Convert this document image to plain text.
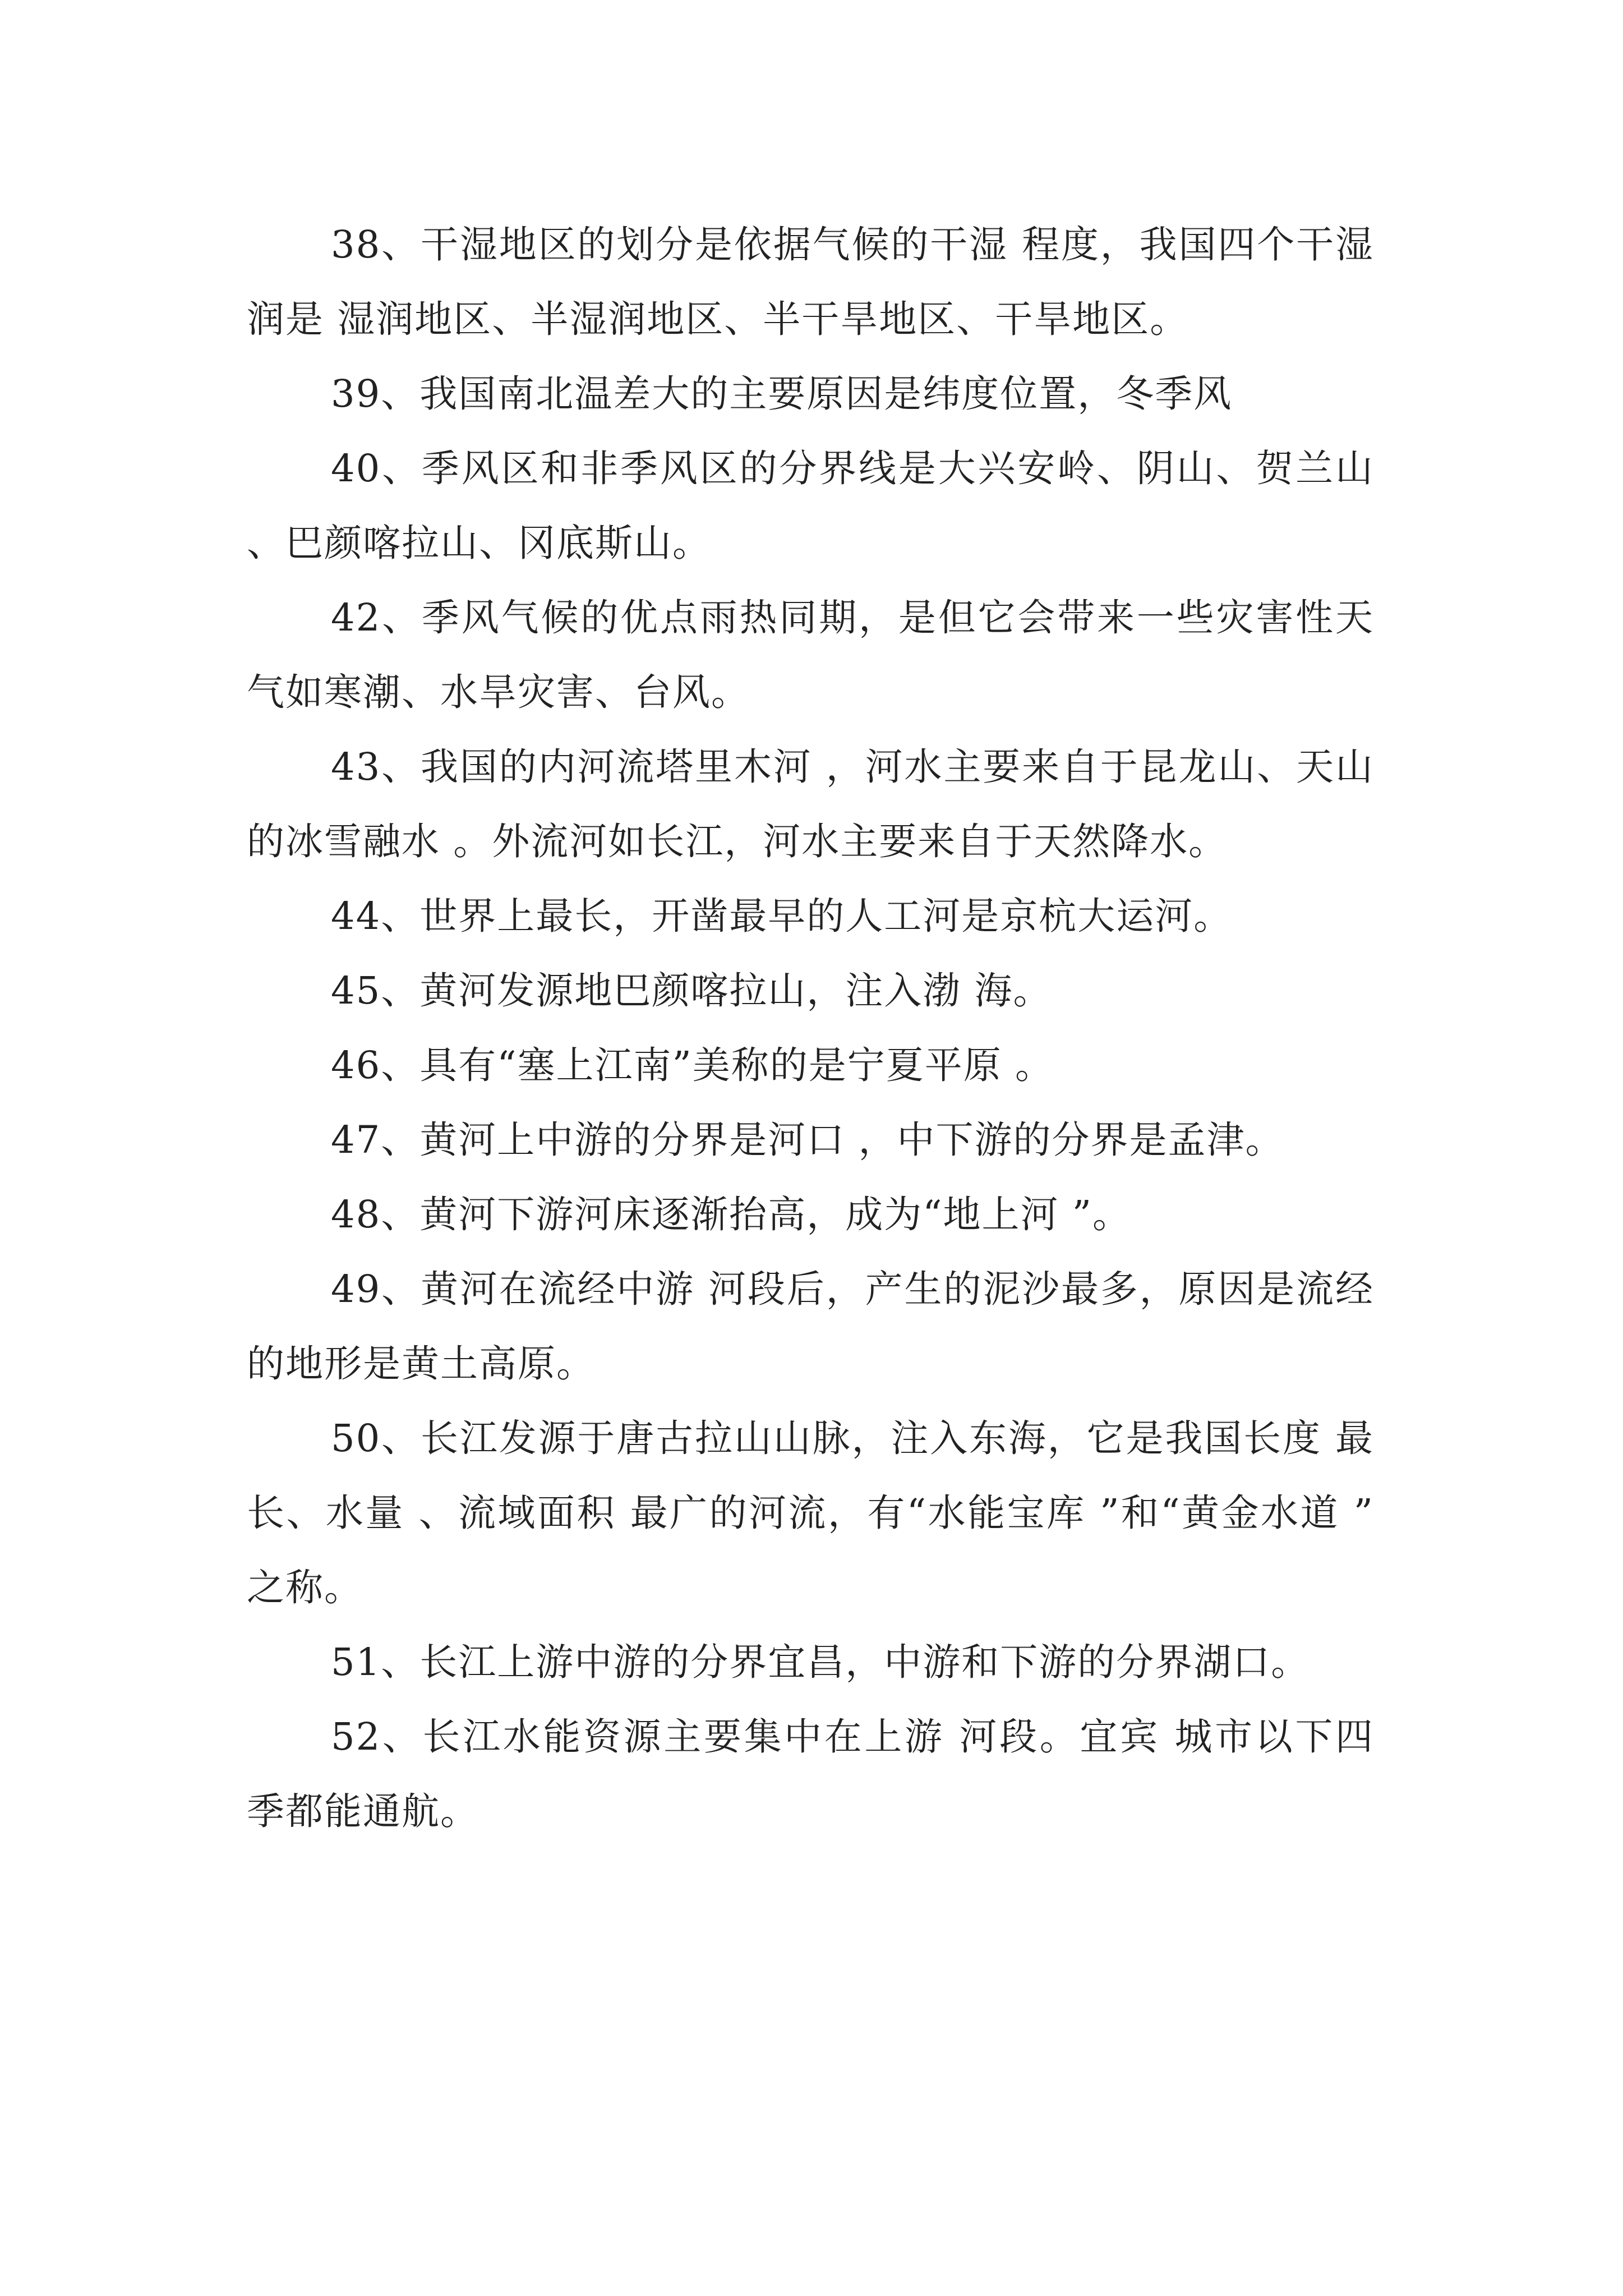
38、干湿地区的划分是依据气候的干湿 程度，我国四个干湿润是 湿润地区、半湿润地区、半干旱地区、干旱地区。

39、我国南北温差大的主要原因是纬度位置，冬季风

40、季风区和非季风区的分界线是大兴安岭、阴山、贺兰山、巴颜喀拉山、冈底斯山。

42、季风气候的优点雨热同期，是但它会带来一些灾害性天气如寒潮、水旱灾害、台风。

43、我国的内河流塔里木河 ，河水主要来自于昆龙山、天山的冰雪融水 。外流河如长江，河水主要来自于天然降水。

44、世界上最长，开凿最早的人工河是京杭大运河。

45、黄河发源地巴颜喀拉山，注入渤 海。

46、具有“塞上江南”美称的是宁夏平原 。

47、黄河上中游的分界是河口 ，中下游的分界是孟津。

48、黄河下游河床逐渐抬高，成为“地上河 ”。

49、黄河在流经中游 河段后，产生的泥沙最多，原因是流经的地形是黄土高原。

50、长江发源于唐古拉山山脉，注入东海，它是我国长度 最长、水量 、流域面积 最广的河流，有“水能宝库 ”和“黄金水道 ”之称。

51、长江上游中游的分界宜昌，中游和下游的分界湖口。

52、长江水能资源主要集中在上游 河段。宜宾 城市以下四季都能通航。
